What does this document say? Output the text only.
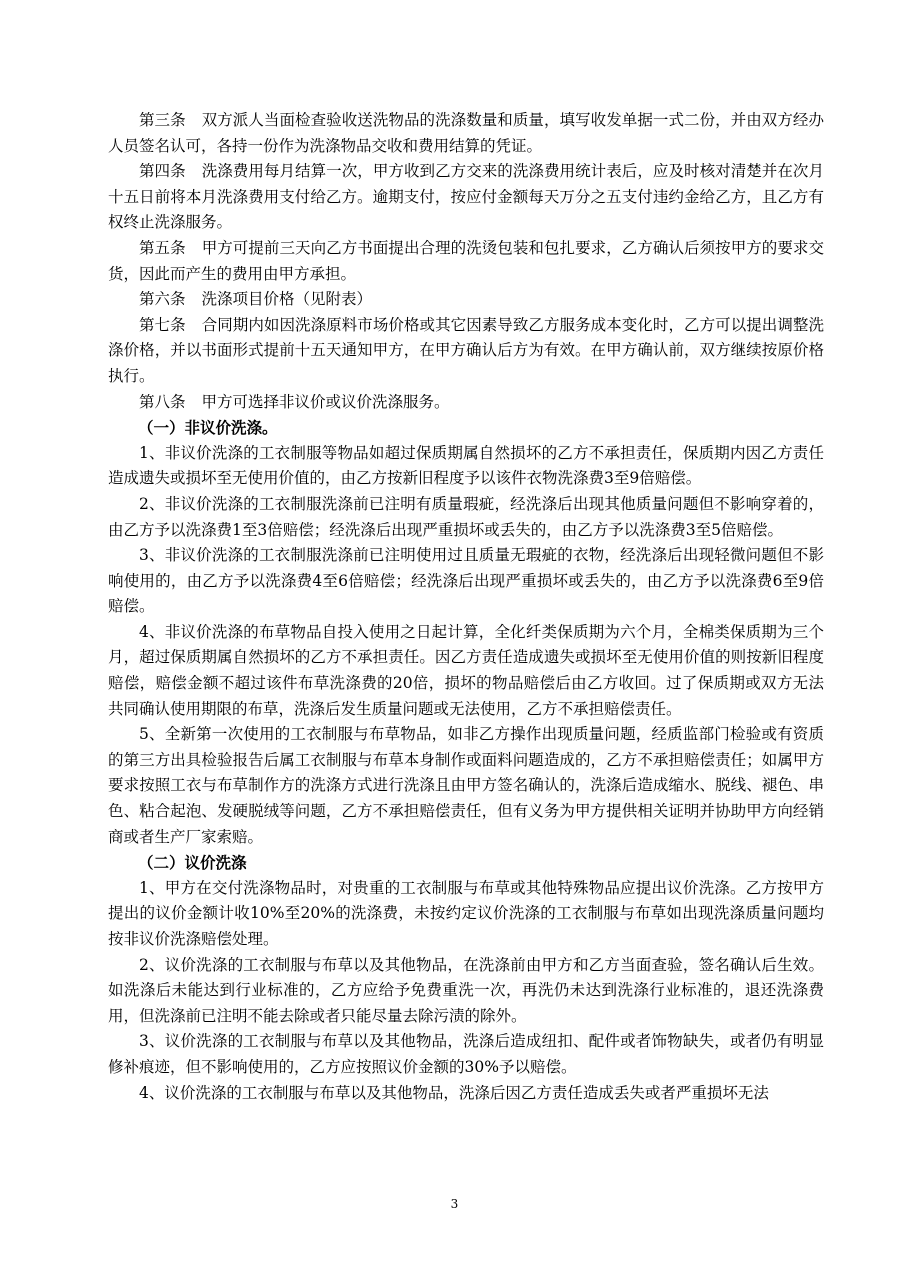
第三条 双方派人当面检查验收送洗物品的洗涤数量和质量，填写收发单据一式二份，并由双方经办人员签名认可，各持一份作为洗涤物品交收和费用结算的凭证。

第四条 洗涤费用每月结算一次，甲方收到乙方交来的洗涤费用统计表后，应及时核对清楚并在次月十五日前将本月洗涤费用支付给乙方。逾期支付，按应付金额每天万分之五支付违约金给乙方，且乙方有权终止洗涤服务。

第五条 甲方可提前三天向乙方书面提出合理的洗烫包装和包扎要求，乙方确认后须按甲方的要求交货，因此而产生的费用由甲方承担。

第六条 洗涤项目价格（见附表）

第七条 合同期内如因洗涤原料市场价格或其它因素导致乙方服务成本变化时，乙方可以提出调整洗涤价格，并以书面形式提前十五天通知甲方，在甲方确认后方为有效。在甲方确认前，双方继续按原价格执行。

第八条 甲方可选择非议价或议价洗涤服务。

（一）非议价洗涤。

1、非议价洗涤的工衣制服等物品如超过保质期属自然损坏的乙方不承担责任，保质期内因乙方责任造成遗失或损坏至无使用价值的，由乙方按新旧程度予以该件衣物洗涤费3至9倍赔偿。

2、非议价洗涤的工衣制服洗涤前已注明有质量瑕疵，经洗涤后出现其他质量问题但不影响穿着的，由乙方予以洗涤费1至3倍赔偿；经洗涤后出现严重损坏或丢失的，由乙方予以洗涤费3至5倍赔偿。

3、非议价洗涤的工衣制服洗涤前已注明使用过且质量无瑕疵的衣物，经洗涤后出现轻微问题但不影响使用的，由乙方予以洗涤费4至6倍赔偿；经洗涤后出现严重损坏或丢失的，由乙方予以洗涤费6至9倍赔偿。

4、非议价洗涤的布草物品自投入使用之日起计算，全化纤类保质期为六个月，全棉类保质期为三个月，超过保质期属自然损坏的乙方不承担责任。因乙方责任造成遗失或损坏至无使用价值的则按新旧程度赔偿，赔偿金额不超过该件布草洗涤费的20倍，损坏的物品赔偿后由乙方收回。过了保质期或双方无法共同确认使用期限的布草，洗涤后发生质量问题或无法使用，乙方不承担赔偿责任。

5、全新第一次使用的工衣制服与布草物品，如非乙方操作出现质量问题，经质监部门检验或有资质的第三方出具检验报告后属工衣制服与布草本身制作或面料问题造成的，乙方不承担赔偿责任；如属甲方要求按照工衣与布草制作方的洗涤方式进行洗涤且由甲方签名确认的，洗涤后造成缩水、脱线、褪色、串色、粘合起泡、发硬脱绒等问题，乙方不承担赔偿责任，但有义务为甲方提供相关证明并协助甲方向经销商或者生产厂家索赔。

（二）议价洗涤

1、甲方在交付洗涤物品时，对贵重的工衣制服与布草或其他特殊物品应提出议价洗涤。乙方按甲方提出的议价金额计收10%至20%的洗涤费，未按约定议价洗涤的工衣制服与布草如出现洗涤质量问题均按非议价洗涤赔偿处理。

2、议价洗涤的工衣制服与布草以及其他物品，在洗涤前由甲方和乙方当面查验，签名确认后生效。如洗涤后未能达到行业标准的，乙方应给予免费重洗一次，再洗仍未达到洗涤行业标准的，退还洗涤费用，但洗涤前已注明不能去除或者只能尽量去除污渍的除外。

3、议价洗涤的工衣制服与布草以及其他物品，洗涤后造成纽扣、配件或者饰物缺失，或者仍有明显修补痕迹，但不影响使用的，乙方应按照议价金额的30%予以赔偿。

4、议价洗涤的工衣制服与布草以及其他物品，洗涤后因乙方责任造成丢失或者严重损坏无法

3
